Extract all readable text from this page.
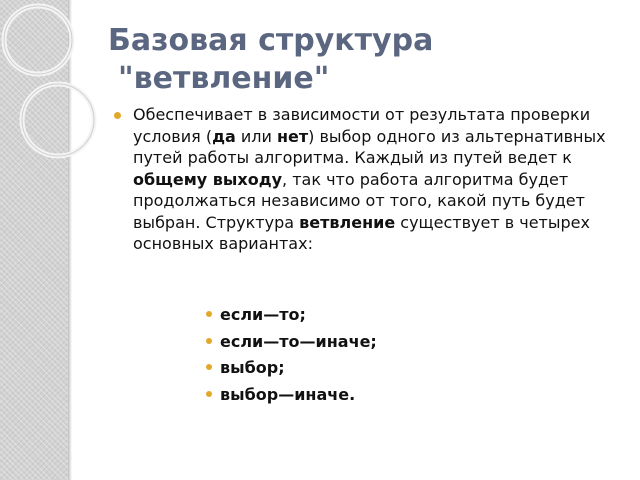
Базовая структура
"ветвление"

Обеспечивает в зависимости от результата проверки условия (да или нет) выбор одного из альтернативных путей работы алгоритма. Каждый из путей ведет к общему выходу, так что работа алгоритма будет продолжаться независимо от того, какой путь будет выбран. Структура ветвление существует в четырех основных вариантах:

если—то;
если—то—иначе;
выбор;
выбор—иначе.
